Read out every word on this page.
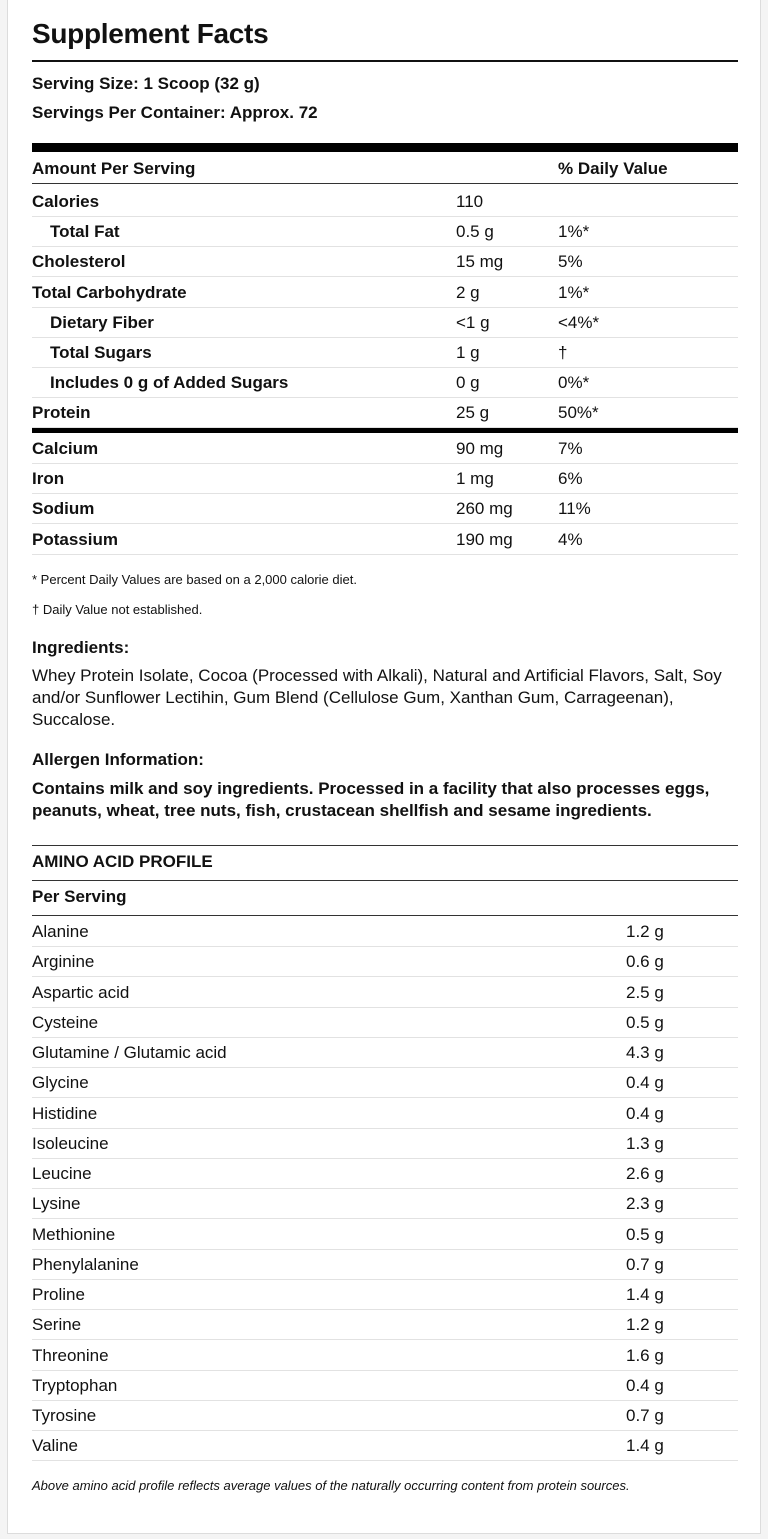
Supplement Facts
Serving Size: 1 Scoop (32 g)
Servings Per Container: Approx. 72
Amount Per Serving	% Daily Value
Calories	110
Total Fat	0.5 g	1%*
Cholesterol	15 mg	5%
Total Carbohydrate	2 g	1%*
Dietary Fiber	<1 g	<4%*
Total Sugars	1 g	†
Includes 0 g of Added Sugars	0 g	0%*
Protein	25 g	50%*
Calcium	90 mg	7%
Iron	1 mg	6%
Sodium	260 mg	11%
Potassium	190 mg	4%
* Percent Daily Values are based on a 2,000 calorie diet.
† Daily Value not established.
Ingredients:
Whey Protein Isolate, Cocoa (Processed with Alkali), Natural and Artificial Flavors, Salt, Soy and/or Sunflower Lectihin, Gum Blend (Cellulose Gum, Xanthan Gum, Carrageenan), Succalose.
Allergen Information:
Contains milk and soy ingredients. Processed in a facility that also processes eggs, peanuts, wheat, tree nuts, fish, crustacean shellfish and sesame ingredients.
AMINO ACID PROFILE
Per Serving
Alanine	1.2 g
Arginine	0.6 g
Aspartic acid	2.5 g
Cysteine	0.5 g
Glutamine / Glutamic acid	4.3 g
Glycine	0.4 g
Histidine	0.4 g
Isoleucine	1.3 g
Leucine	2.6 g
Lysine	2.3 g
Methionine	0.5 g
Phenylalanine	0.7 g
Proline	1.4 g
Serine	1.2 g
Threonine	1.6 g
Tryptophan	0.4 g
Tyrosine	0.7 g
Valine	1.4 g
Above amino acid profile reflects average values of the naturally occurring content from protein sources.
